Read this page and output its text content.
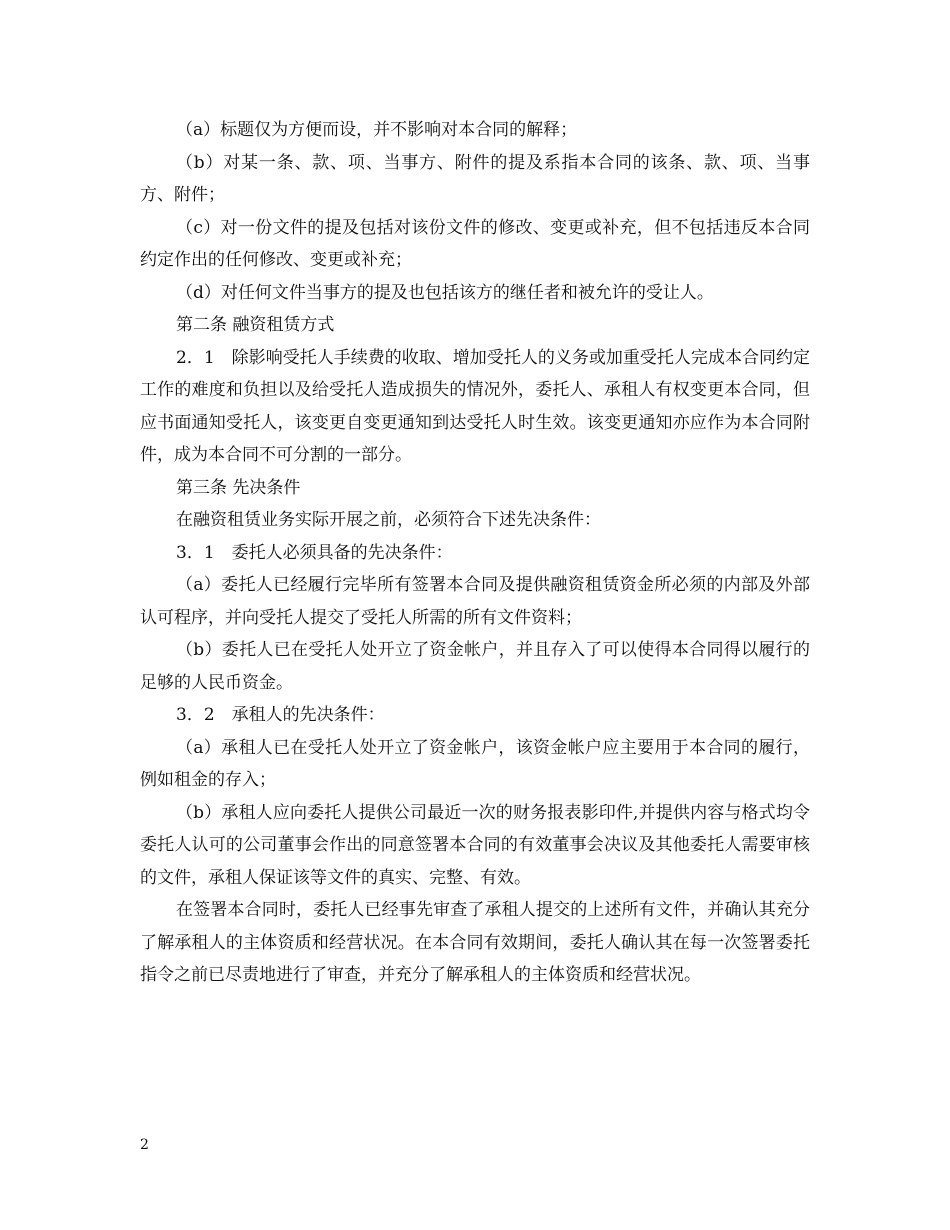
（a）标题仅为方便而设，并不影响对本合同的解释；

（b）对某一条、款、项、当事方、附件的提及系指本合同的该条、款、项、当事方、附件；

（c）对一份文件的提及包括对该份文件的修改、变更或补充，但不包括违反本合同约定作出的任何修改、变更或补充；

（d）对任何文件当事方的提及也包括该方的继任者和被允许的受让人。

第二条 融资租赁方式

2．1　除影响受托人手续费的收取、增加受托人的义务或加重受托人完成本合同约定工作的难度和负担以及给受托人造成损失的情况外，委托人、承租人有权变更本合同，但应书面通知受托人，该变更自变更通知到达受托人时生效。该变更通知亦应作为本合同附件，成为本合同不可分割的一部分。

第三条 先决条件

在融资租赁业务实际开展之前，必须符合下述先决条件：

3．1　委托人必须具备的先决条件：

（a）委托人已经履行完毕所有签署本合同及提供融资租赁资金所必须的内部及外部认可程序，并向受托人提交了受托人所需的所有文件资料；

（b）委托人已在受托人处开立了资金帐户，并且存入了可以使得本合同得以履行的足够的人民币资金。

3．2　承租人的先决条件：

（a）承租人已在受托人处开立了资金帐户，该资金帐户应主要用于本合同的履行，例如租金的存入；

（b）承租人应向委托人提供公司最近一次的财务报表影印件,并提供内容与格式均令委托人认可的公司董事会作出的同意签署本合同的有效董事会决议及其他委托人需要审核的文件，承租人保证该等文件的真实、完整、有效。

在签署本合同时，委托人已经事先审查了承租人提交的上述所有文件，并确认其充分了解承租人的主体资质和经营状况。在本合同有效期间，委托人确认其在每一次签署委托指令之前已尽责地进行了审查，并充分了解承租人的主体资质和经营状况。

2
